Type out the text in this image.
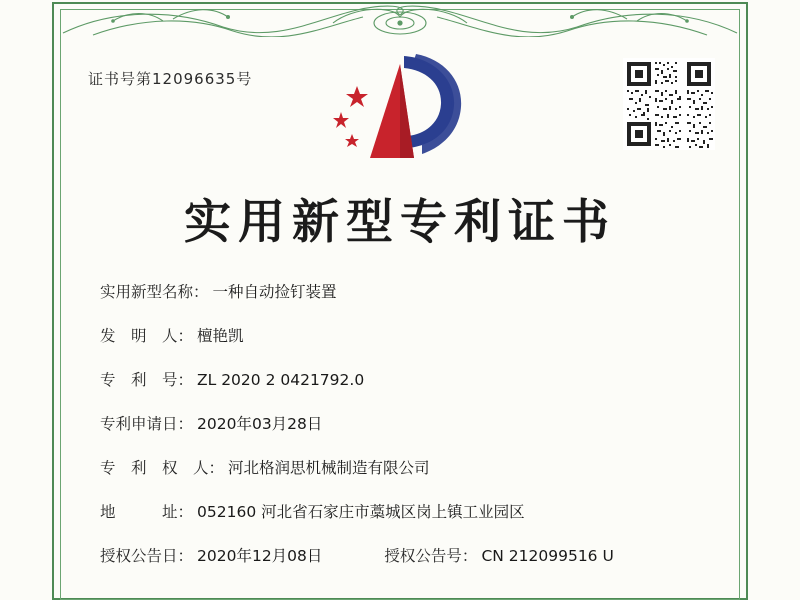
证书号第12096635号
实用新型专利证书
实用新型名称： 一种自动捡钉装置
发　明　人： 檀艳凯
专　利　号： ZL 2020 2 0421792.0
专利申请日： 2020年03月28日
专　利　权　人： 河北格润思机械制造有限公司
地　　　址： 052160 河北省石家庄市藁城区岗上镇工业园区
授权公告日： 2020年12月08日	授权公告号： CN 212099516 U
